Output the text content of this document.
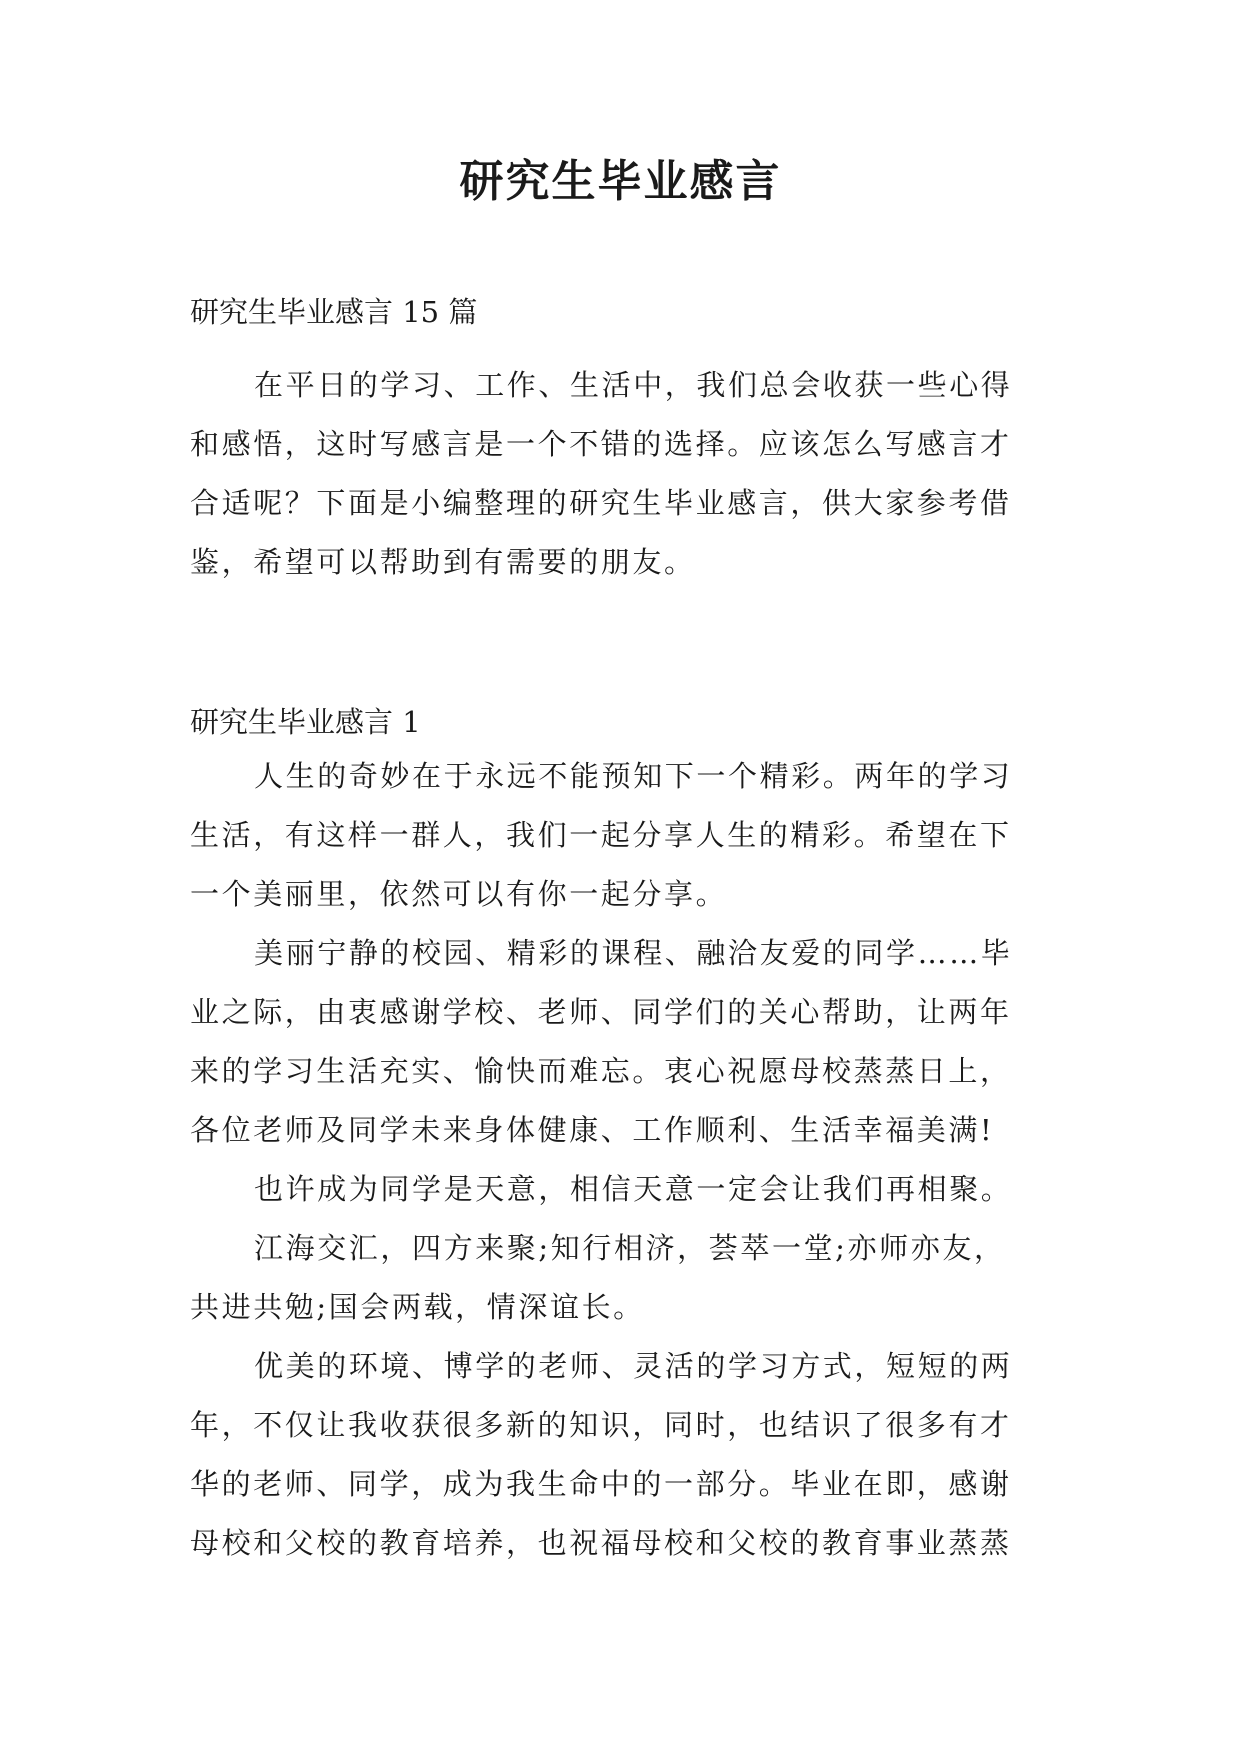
研究生毕业感言
研究生毕业感言 15 篇
在平日的学习、工作、生活中，我们总会收获一些心得
和感悟，这时写感言是一个不错的选择。应该怎么写感言才
合适呢？下面是小编整理的研究生毕业感言，供大家参考借
鉴，希望可以帮助到有需要的朋友。
研究生毕业感言 1
人生的奇妙在于永远不能预知下一个精彩。两年的学习
生活，有这样一群人，我们一起分享人生的精彩。希望在下
一个美丽里，依然可以有你一起分享。
美丽宁静的校园、精彩的课程、融洽友爱的同学……毕
业之际，由衷感谢学校、老师、同学们的关心帮助，让两年
来的学习生活充实、愉快而难忘。衷心祝愿母校蒸蒸日上，
各位老师及同学未来身体健康、工作顺利、生活幸福美满!
也许成为同学是天意，相信天意一定会让我们再相聚。
江海交汇，四方来聚;知行相济，荟萃一堂;亦师亦友，
共进共勉;国会两载，情深谊长。
优美的环境、博学的老师、灵活的学习方式，短短的两
年，不仅让我收获很多新的知识，同时，也结识了很多有才
华的老师、同学，成为我生命中的一部分。毕业在即，感谢
母校和父校的教育培养，也祝福母校和父校的教育事业蒸蒸
